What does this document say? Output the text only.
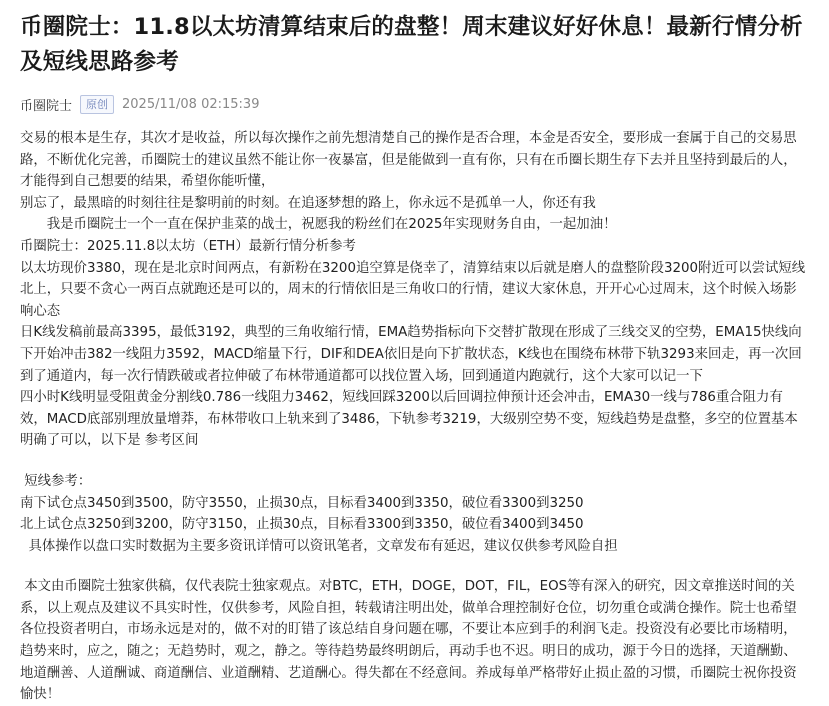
币圈院士：11.8以太坊清算结束后的盘整！周末建议好好休息！最新行情分析及短线思路参考
币圈院士	原创	2025/11/08 02:15:39

交易的根本是生存，其次才是收益，所以每次操作之前先想清楚自己的操作是否合理，本金是否安全，要形成一套属于自己的交易思路，不断优化完善，币圈院士的建议虽然不能让你一夜暴富，但是能做到一直有你，只有在币圈长期生存下去并且坚持到最后的人，才能得到自己想要的结果，希望你能听懂，

别忘了，最黑暗的时刻往往是黎明前的时刻。在追逐梦想的路上，你永远不是孤单一人，你还有我

　　我是币圈院士一个一直在保护韭菜的战士，祝愿我的粉丝们在2025年实现财务自由，一起加油！

币圈院士：2025.11.8以太坊（ETH）最新行情分析参考

以太坊现价3380，现在是北京时间两点，有新粉在3200追空算是侥幸了，清算结束以后就是磨人的盘整阶段3200附近可以尝试短线北上，只要不贪心一两百点就跑还是可以的，周末的行情依旧是三角收口的行情，建议大家休息，开开心心过周末，这个时候入场影响心态

日K线发稿前最高3395，最低3192，典型的三角收缩行情，EMA趋势指标向下交替扩散现在形成了三线交叉的空势，EMA15快线向下开始冲击382一线阻力3592，MACD缩量下行，DIF和DEA依旧是向下扩散状态，K线也在围绕布林带下轨3293来回走，再一次回到了通道内，每一次行情跌破或者拉伸破了布林带通道都可以找位置入场，回到通道内跑就行，这个大家可以记一下

四小时K线明显受阻黄金分割线0.786一线阻力3462，短线回踩3200以后回调拉伸预计还会冲击，EMA30一线与786重合阻力有效，MACD底部别理放量增莽，布林带收口上轨来到了3486，下轨参考3219，大级别空势不变，短线趋势是盘整，多空的位置基本明确了可以，以下是 参考区间

短线参考：

南下试仓点3450到3500，防守3550，止损30点，目标看3400到3350，破位看3300到3250

北上试仓点3250到3200，防守3150，止损30点，目标看3300到3350，破位看3400到3450

具体操作以盘口实时数据为主要多资讯详情可以资讯笔者，文章发布有延迟，建议仅供参考风险自担

本文由币圈院士独家供稿，仅代表院士独家观点。对BTC，ETH，DOGE，DOT，FIL，EOS等有深入的研究，因文章推送时间的关系，以上观点及建议不具实时性，仅供参考，风险自担，转载请注明出处，做单合理控制好仓位，切勿重仓或满仓操作。院士也希望各位投资者明白，市场永远是对的，做不对的盯错了该总结自身问题在哪，不要让本应到手的利润飞走。投资没有必要比市场精明，趋势来时，应之，随之；无趋势时，观之，静之。等待趋势最终明朗后，再动手也不迟。明日的成功，源于今日的选择，天道酬勤、地道酬善、人道酬诚、商道酬信、业道酬精、艺道酬心。得失都在不经意间。养成每单严格带好止损止盈的习惯，币圈院士祝你投资愉快！
